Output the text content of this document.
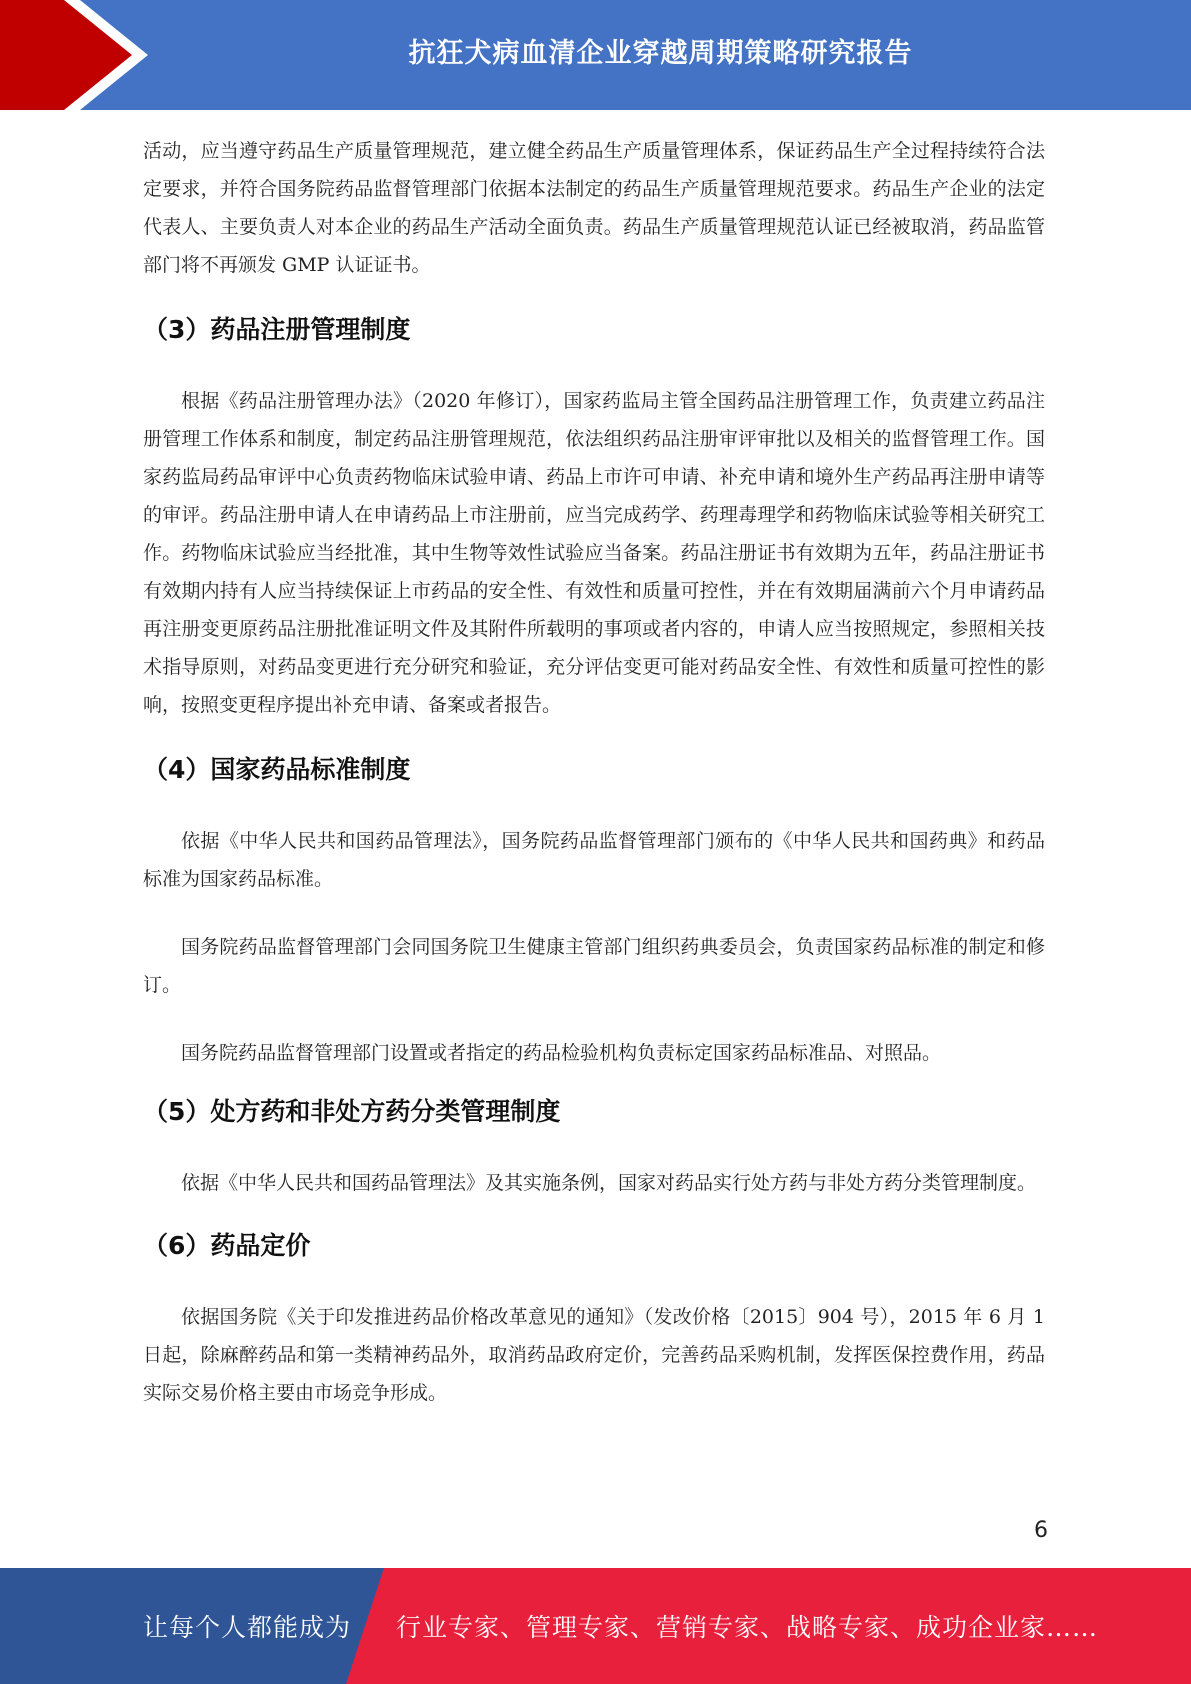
抗狂犬病血清企业穿越周期策略研究报告

活动，应当遵守药品生产质量管理规范，建立健全药品生产质量管理体系，保证药品生产全过程持续符合法定要求，并符合国务院药品监督管理部门依据本法制定的药品生产质量管理规范要求。药品生产企业的法定代表人、主要负责人对本企业的药品生产活动全面负责。药品生产质量管理规范认证已经被取消，药品监管部门将不再颁发 GMP 认证证书。

（3）药品注册管理制度

根据《药品注册管理办法》（2020 年修订），国家药监局主管全国药品注册管理工作，负责建立药品注册管理工作体系和制度，制定药品注册管理规范，依法组织药品注册审评审批以及相关的监督管理工作。国家药监局药品审评中心负责药物临床试验申请、药品上市许可申请、补充申请和境外生产药品再注册申请等的审评。药品注册申请人在申请药品上市注册前，应当完成药学、药理毒理学和药物临床试验等相关研究工作。药物临床试验应当经批准，其中生物等效性试验应当备案。药品注册证书有效期为五年，药品注册证书有效期内持有人应当持续保证上市药品的安全性、有效性和质量可控性，并在有效期届满前六个月申请药品再注册变更原药品注册批准证明文件及其附件所载明的事项或者内容的，申请人应当按照规定，参照相关技术指导原则，对药品变更进行充分研究和验证，充分评估变更可能对药品安全性、有效性和质量可控性的影响，按照变更程序提出补充申请、备案或者报告。

（4）国家药品标准制度

依据《中华人民共和国药品管理法》，国务院药品监督管理部门颁布的《中华人民共和国药典》和药品标准为国家药品标准。

国务院药品监督管理部门会同国务院卫生健康主管部门组织药典委员会，负责国家药品标准的制定和修订。

国务院药品监督管理部门设置或者指定的药品检验机构负责标定国家药品标准品、对照品。

（5）处方药和非处方药分类管理制度

依据《中华人民共和国药品管理法》及其实施条例，国家对药品实行处方药与非处方药分类管理制度。

（6）药品定价

依据国务院《关于印发推进药品价格改革意见的通知》（发改价格〔2015〕904 号），2015 年 6 月 1 日起，除麻醉药品和第一类精神药品外，取消药品政府定价，完善药品采购机制，发挥医保控费作用，药品实际交易价格主要由市场竞争形成。

6
让每个人都能成为 行业专家、管理专家、营销专家、战略专家、成功企业家……
